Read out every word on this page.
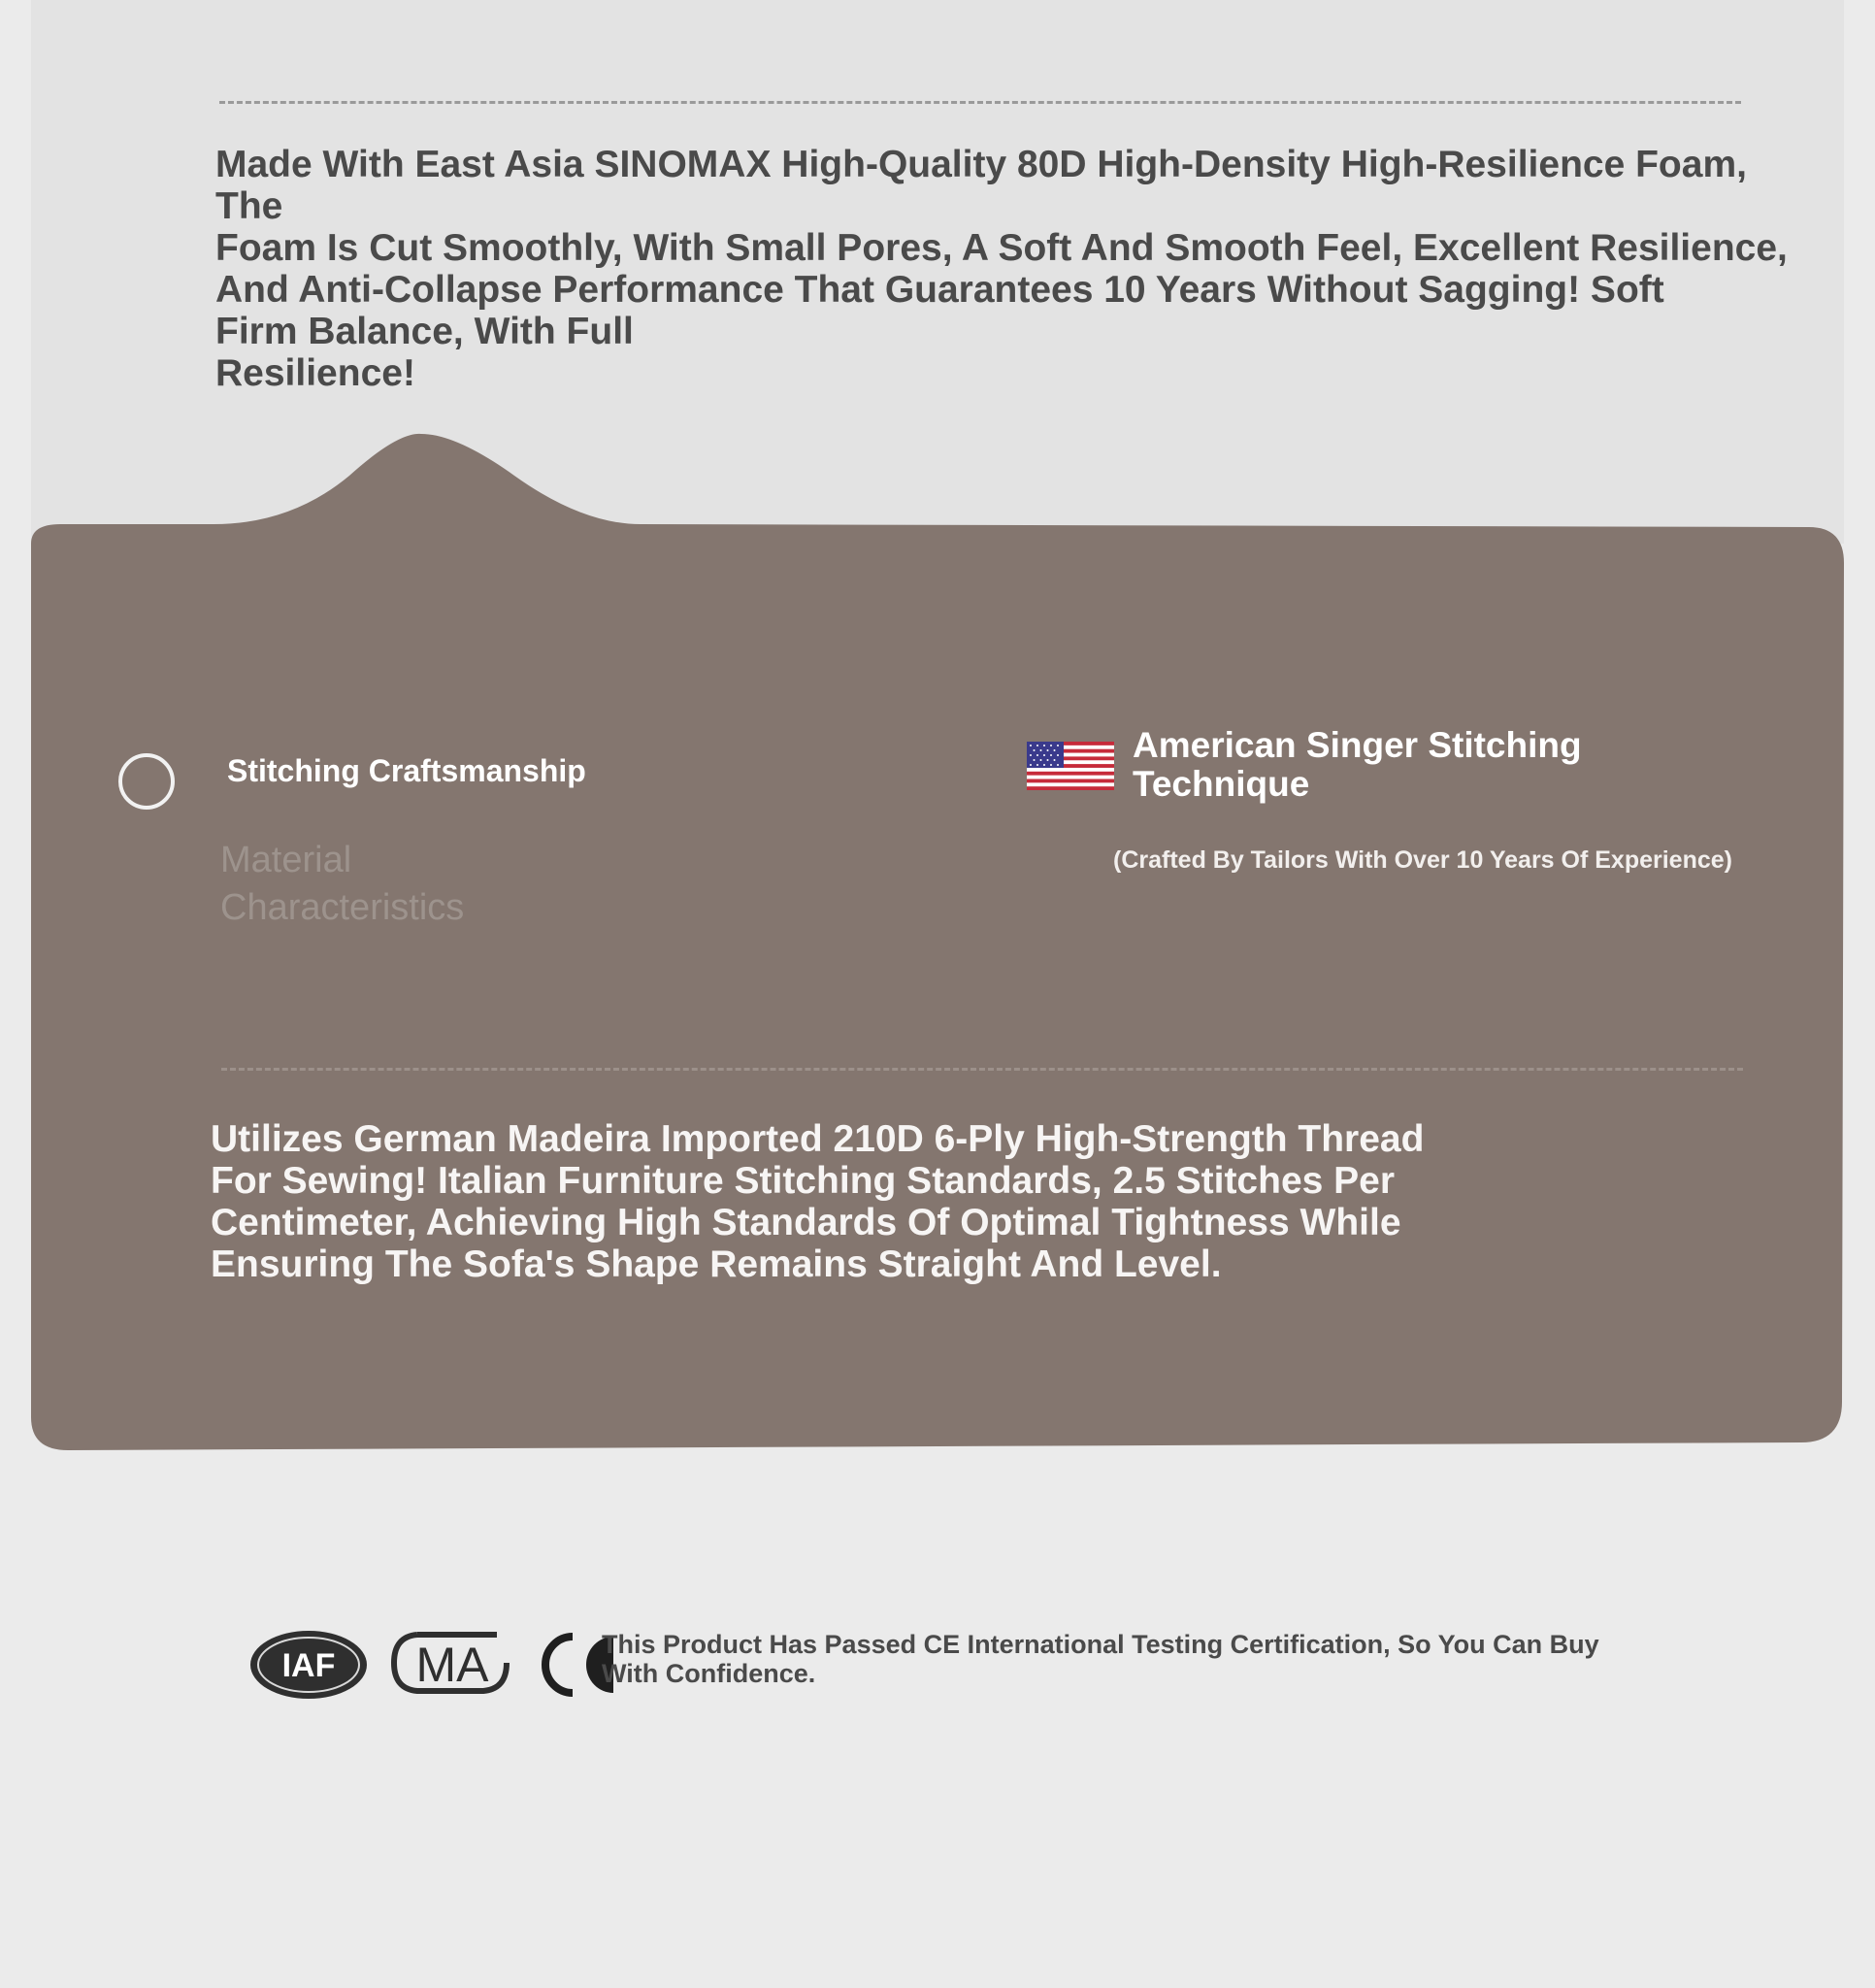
Made With East Asia SINOMAX High-Quality 80D High-Density High-Resilience Foam, The
Foam Is Cut Smoothly, With Small Pores, A Soft And Smooth Feel, Excellent Resilience,
And Anti-Collapse Performance That Guarantees 10 Years Without Sagging! Soft
Firm Balance, With Full
Resilience!

Stitching Craftsmanship
Material
Characteristics
American Singer Stitching
Technique
(Crafted By Tailors With Over 10 Years Of Experience)

Utilizes German Madeira Imported 210D 6-Ply High-Strength Thread
For Sewing! Italian Furniture Stitching Standards, 2.5 Stitches Per
Centimeter, Achieving High Standards Of Optimal Tightness While
Ensuring The Sofa's Shape Remains Straight And Level.

IAF MA
C This Product Has Passed CE International Testing Certification, So You Can Buy
With Confidence.
